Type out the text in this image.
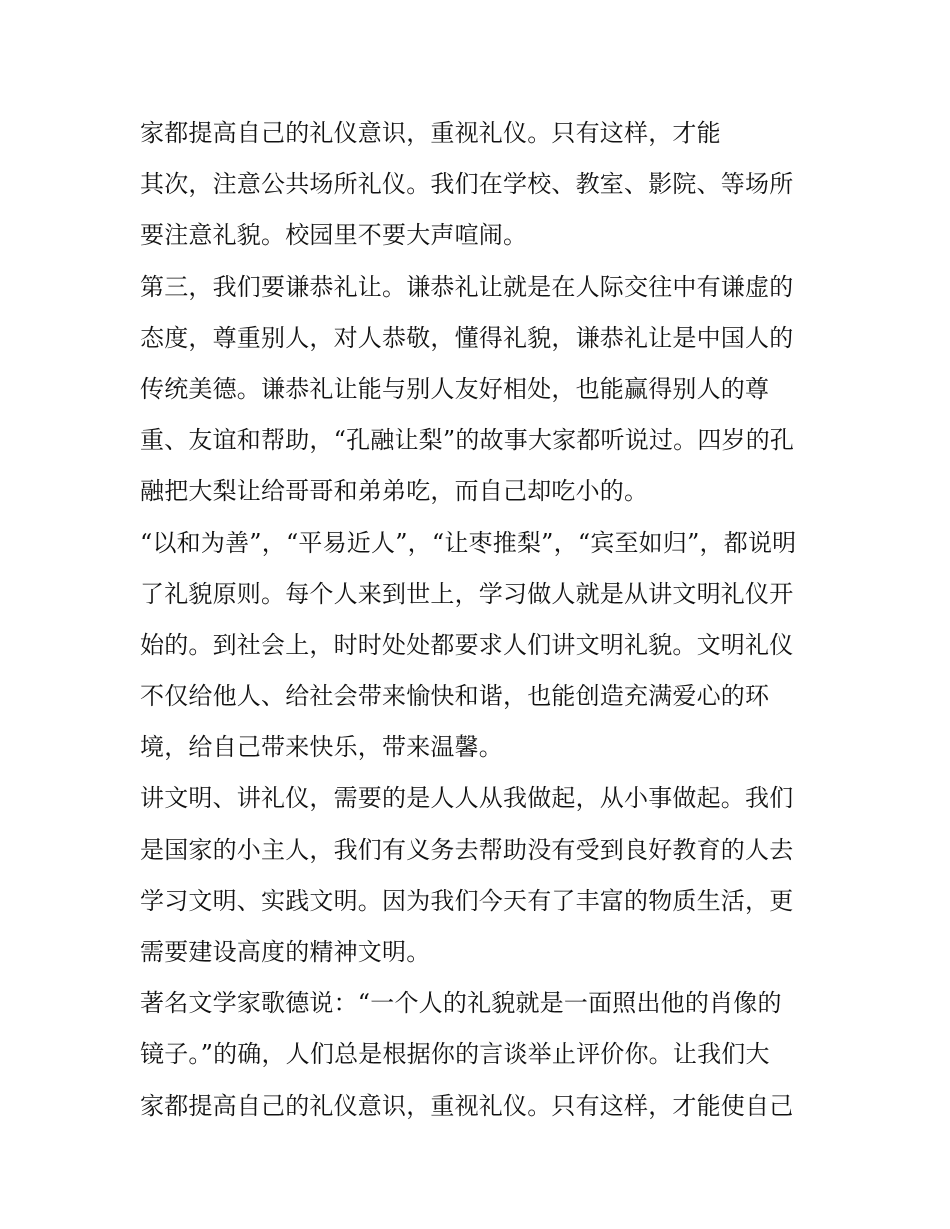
家都提高自己的礼仪意识，重视礼仪。只有这样，才能
其次，注意公共场所礼仪。我们在学校、教室、影院、等场所
要注意礼貌。校园里不要大声喧闹。
第三，我们要谦恭礼让。谦恭礼让就是在人际交往中有谦虚的
态度，尊重别人，对人恭敬，懂得礼貌，谦恭礼让是中国人的
传统美德。谦恭礼让能与别人友好相处，也能赢得别人的尊
重、友谊和帮助，“孔融让梨”的故事大家都听说过。四岁的孔
融把大梨让给哥哥和弟弟吃，而自己却吃小的。
“以和为善”，“平易近人”，“让枣推梨”，“宾至如归”，都说明
了礼貌原则。每个人来到世上，学习做人就是从讲文明礼仪开
始的。到社会上，时时处处都要求人们讲文明礼貌。文明礼仪
不仅给他人、给社会带来愉快和谐，也能创造充满爱心的环
境，给自己带来快乐，带来温馨。
讲文明、讲礼仪，需要的是人人从我做起，从小事做起。我们
是国家的小主人，我们有义务去帮助没有受到良好教育的人去
学习文明、实践文明。因为我们今天有了丰富的物质生活，更
需要建设高度的精神文明。
著名文学家歌德说：“一个人的礼貌就是一面照出他的肖像的
镜子。”的确，人们总是根据你的言谈举止评价你。让我们大
家都提高自己的礼仪意识，重视礼仪。只有这样，才能使自己
